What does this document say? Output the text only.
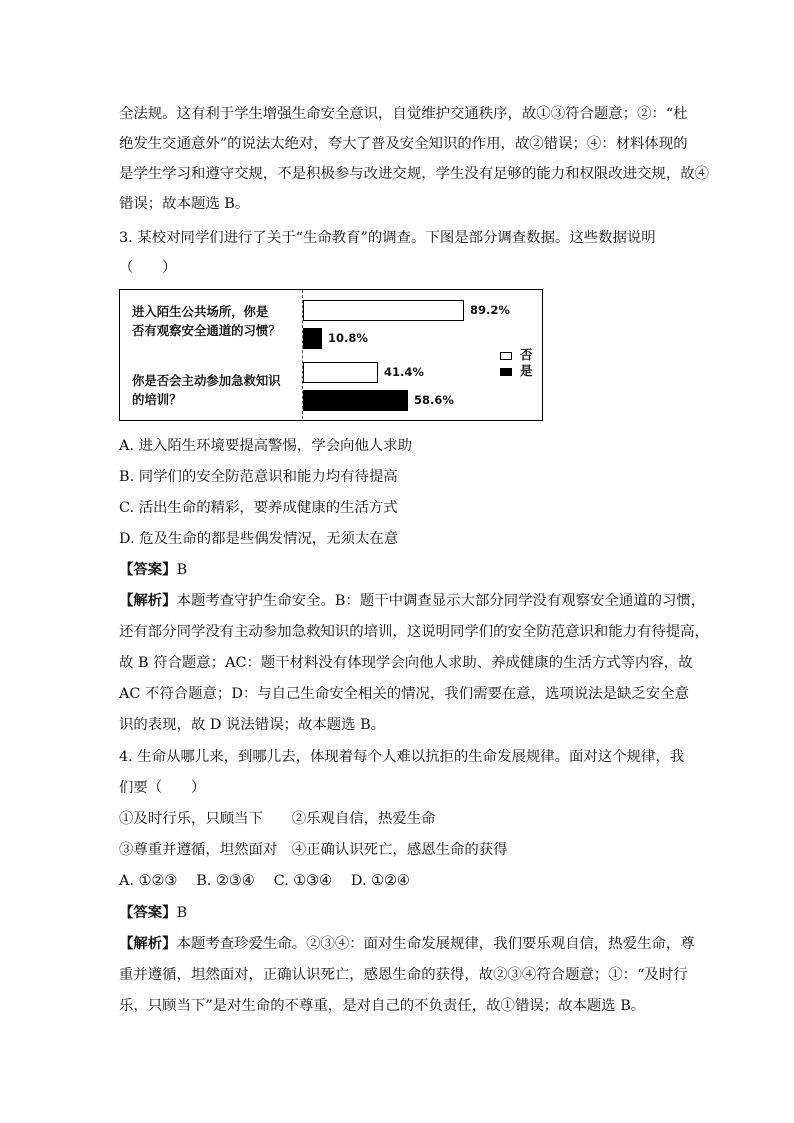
全法规。这有利于学生增强生命安全意识，自觉维护交通秩序，故①③符合题意；②：“杜
绝发生交通意外”的说法太绝对，夸大了普及安全知识的作用，故②错误；④：材料体现的
是学生学习和遵守交规，不是积极参与改进交规，学生没有足够的能力和权限改进交规，故④
错误；故本题选 B。
3. 某校对同学们进行了关于“生命教育”的调查。下图是部分调查数据。这些数据说明
（　　）
进入陌生公共场所，你是
否有观察安全通道的习惯？
你是否会主动参加急救知识
的培训？
89.2%
41.4%
10.8%
58.6%
否
是
A. 进入陌生环境要提高警惕，学会向他人求助
B. 同学们的安全防范意识和能力均有待提高
C. 活出生命的精彩，要养成健康的生活方式
D. 危及生命的都是些偶发情况，无须太在意
【答案】B
【解析】本题考查守护生命安全。B：题干中调查显示大部分同学没有观察安全通道的习惯，
还有部分同学没有主动参加急救知识的培训，这说明同学们的安全防范意识和能力有待提高，
故 B 符合题意；AC：题干材料没有体现学会向他人求助、养成健康的生活方式等内容，故
AC 不符合题意；D：与自己生命安全相关的情况，我们需要在意，选项说法是缺乏安全意
识的表现，故 D 说法错误；故本题选 B。
4. 生命从哪儿来，到哪儿去，体现着每个人难以抗拒的生命发展规律。面对这个规律，我
们要（　　）
①及时行乐，只顾当下　　②乐观自信，热爱生命
③尊重并遵循，坦然面对　④正确认识死亡，感恩生命的获得
A. ①②③　 B. ②③④　 C. ①③④　 D. ①②④
【答案】B
【解析】本题考查珍爱生命。②③④：面对生命发展规律，我们要乐观自信，热爱生命，尊
重并遵循，坦然面对，正确认识死亡，感恩生命的获得，故②③④符合题意；①：“及时行
乐，只顾当下”是对生命的不尊重，是对自己的不负责任，故①错误；故本题选 B。
